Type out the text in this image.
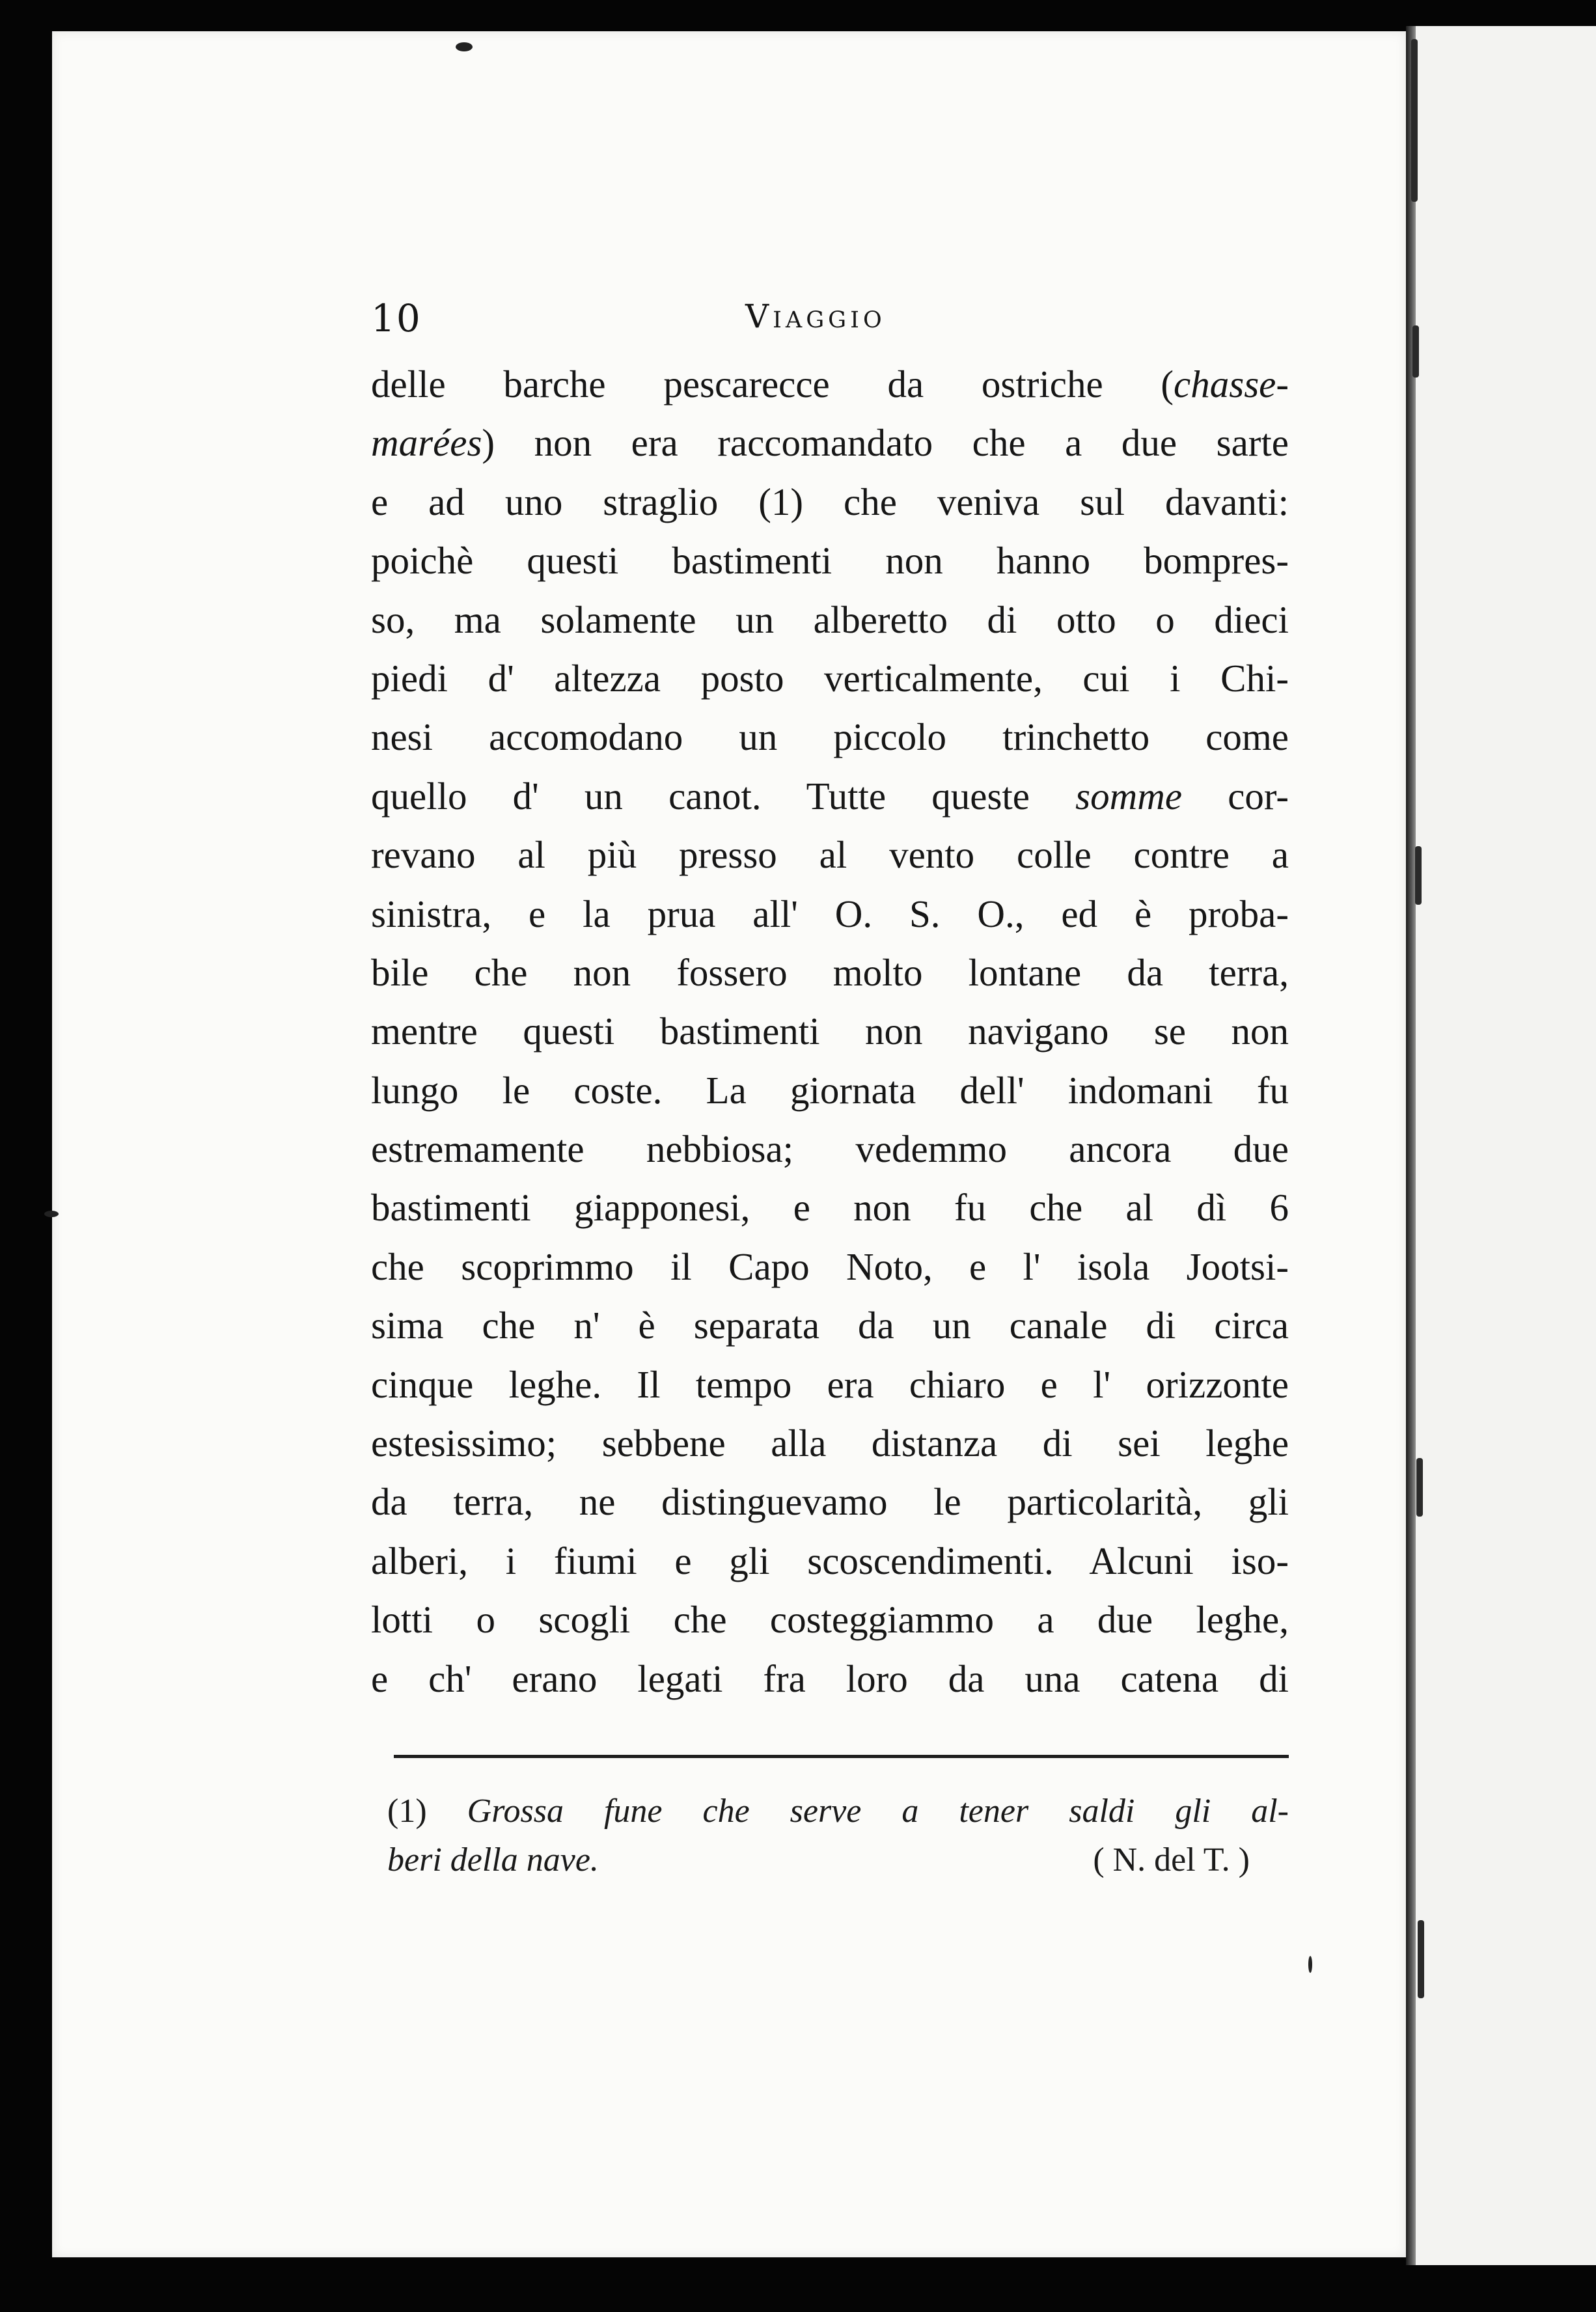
10	Viaggio
delle barche pescarecce da ostriche (chasse-
marées) non era raccomandato che a due sarte
e ad uno straglio (1) che veniva sul davanti:
poichè questi bastimenti non hanno bompres-
so, ma solamente un alberetto di otto o dieci
piedi d' altezza posto verticalmente, cui i Chi-
nesi accomodano un piccolo trinchetto come
quello d' un canot. Tutte queste somme cor-
revano al più presso al vento colle contre a
sinistra, e la prua all' O. S. O., ed è proba-
bile che non fossero molto lontane da terra,
mentre questi bastimenti non navigano se non
lungo le coste. La giornata dell' indomani fu
estremamente nebbiosa; vedemmo ancora due
bastimenti giapponesi, e non fu che al dì 6
che scoprimmo il Capo Noto, e l' isola Jootsi-
sima che n' è separata da un canale di circa
cinque leghe. Il tempo era chiaro e l' orizzonte
estesissimo; sebbene alla distanza di sei leghe
da terra, ne distinguevamo le particolarità, gli
alberi, i fiumi e gli scoscendimenti. Alcuni iso-
lotti o scogli che costeggiammo a due leghe,
e ch' erano legati fra loro da una catena di
(1) Grossa fune che serve a tener saldi gli al-
beri della nave.	( N. del T. )
